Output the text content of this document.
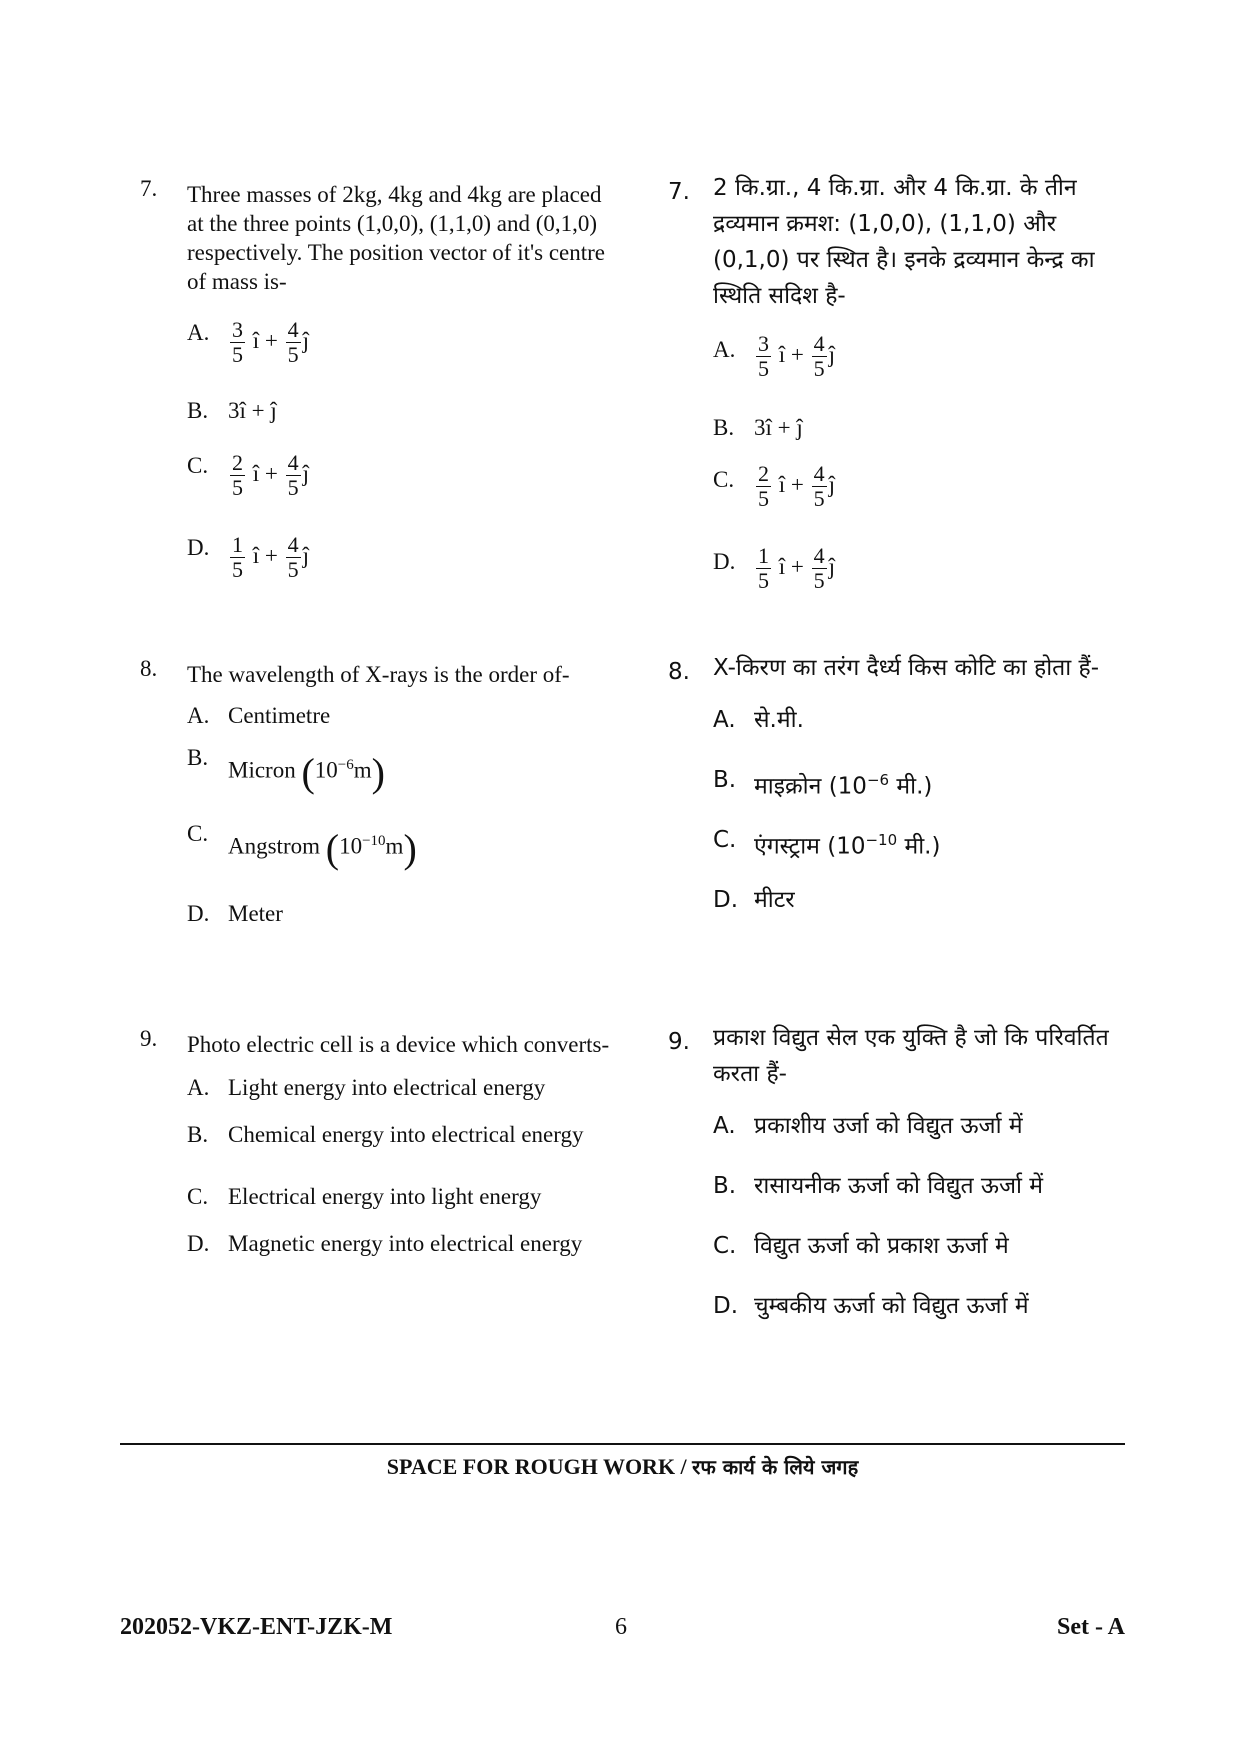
7. Three masses of 2kg, 4kg and 4kg are placed at the three points (1,0,0), (1,1,0) and (0,1,0) respectively. The position vector of it's centre of mass is-
A. $\frac{3}{5}$ î + $\frac{4}{5}$ ĵ
B. 3î + ĵ
C. $\frac{2}{5}$ î + $\frac{4}{5}$ ĵ
D. $\frac{1}{5}$ î + $\frac{4}{5}$ ĵ
8. The wavelength of X-rays is the order of-
A. Centimetre
B.
Micron $(10^{-6}m)$
C.
Angstrom $(10^{-10}m)$
D. Meter
9. Photo electric cell is a device which converts-
A. Light energy into electrical energy
B. Chemical energy into electrical energy
C. Electrical energy into light energy
D. Magnetic energy into electrical energy
7. 2 कि.ग्रा., 4 कि.ग्रा. और 4 कि.ग्रा. के तीन द्रव्यमान क्रमश: (1,0,0), (1,1,0) और (0,1,0) पर स्थित है। इनके द्रव्यमान केन्द्र का स्थिति सदिश है-
A. $\frac{3}{5}$ î + $\frac{4}{5}$ ĵ
B. 3î + ĵ
C. $\frac{2}{5}$ î + $\frac{4}{5}$ ĵ
D. $\frac{1}{5}$ î + $\frac{4}{5}$ ĵ
8. X-किरण का तरंग दैर्ध्य किस कोटि का होता हैं-
A. से.मी.
B. माइक्रोन ($10^{-6}$ मी.)
C. एंगस्ट्राम ($10^{-10}$ मी.)
D. मीटर
9. प्रकाश विद्युत सेल एक युक्ति है जो कि परिवर्तित करता हैं-
A. प्रकाशीय उर्जा को विद्युत ऊर्जा में
B. रासायनीक ऊर्जा को विद्युत ऊर्जा में
C. विद्युत ऊर्जा को प्रकाश ऊर्जा मे
D. चुम्बकीय ऊर्जा को विद्युत ऊर्जा में
SPACE FOR ROUGH WORK / रफ कार्य के लिये जगह
202052-VKZ-ENT-JZK-M	6	Set - A
